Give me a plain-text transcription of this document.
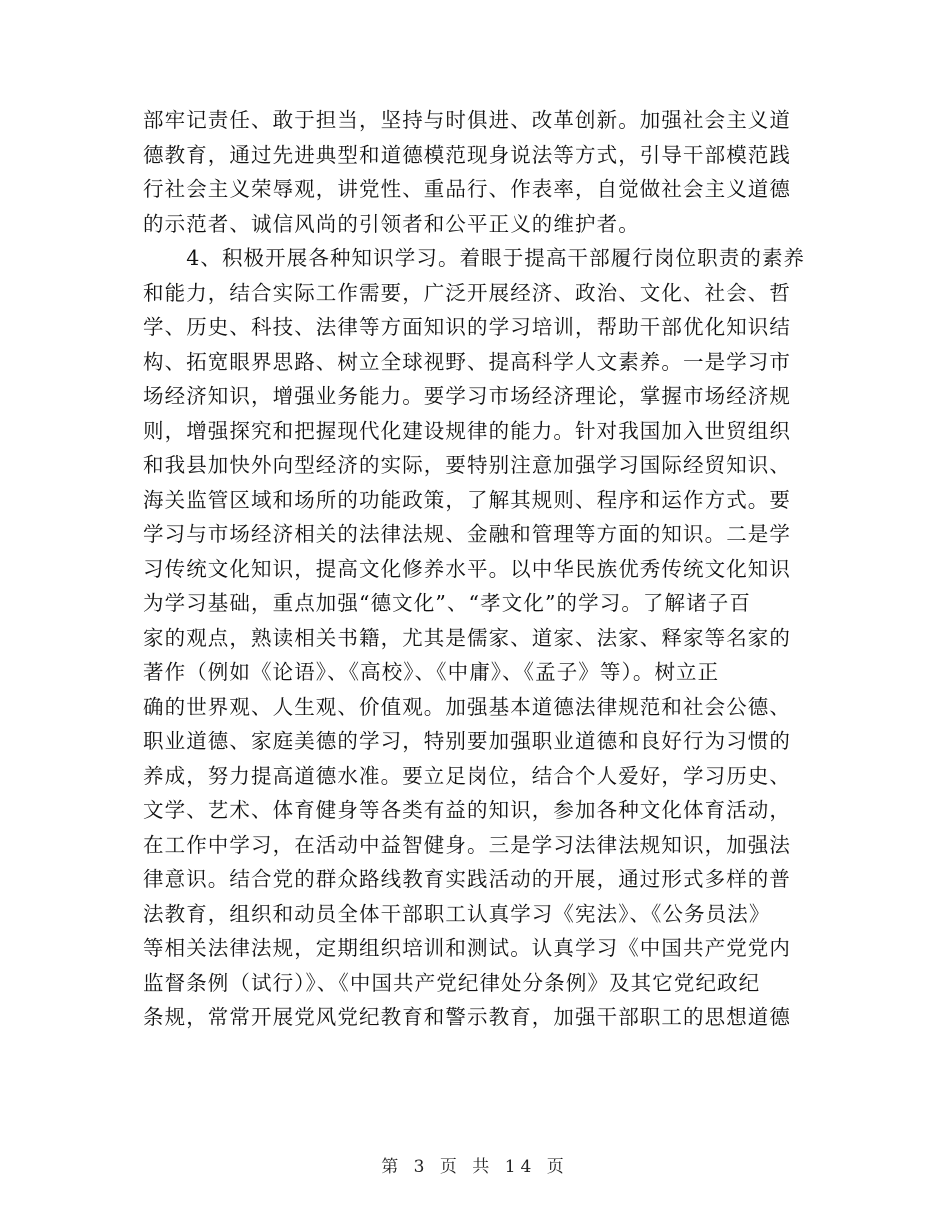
部牢记责任、敢于担当，坚持与时俱进、改革创新。加强社会主义道
德教育，通过先进典型和道德模范现身说法等方式，引导干部模范践
行社会主义荣辱观，讲党性、重品行、作表率，自觉做社会主义道德
的示范者、诚信风尚的引领者和公平正义的维护者。
　　4、积极开展各种知识学习。着眼于提高干部履行岗位职责的素养
和能力，结合实际工作需要，广泛开展经济、政治、文化、社会、哲
学、历史、科技、法律等方面知识的学习培训，帮助干部优化知识结
构、拓宽眼界思路、树立全球视野、提高科学人文素养。一是学习市
场经济知识，增强业务能力。要学习市场经济理论，掌握市场经济规
则，增强探究和把握现代化建设规律的能力。针对我国加入世贸组织
和我县加快外向型经济的实际，要特别注意加强学习国际经贸知识、
海关监管区域和场所的功能政策，了解其规则、程序和运作方式。要
学习与市场经济相关的法律法规、金融和管理等方面的知识。二是学
习传统文化知识，提高文化修养水平。以中华民族优秀传统文化知识
为学习基础，重点加强“德文化”、“孝文化”的学习。了解诸子百
家的观点，熟读相关书籍，尤其是儒家、道家、法家、释家等名家的
著作（例如《论语》、《高校》、《中庸》、《孟子》等）。树立正
确的世界观、人生观、价值观。加强基本道德法律规范和社会公德、
职业道德、家庭美德的学习，特别要加强职业道德和良好行为习惯的
养成，努力提高道德水准。要立足岗位，结合个人爱好，学习历史、
文学、艺术、体育健身等各类有益的知识，参加各种文化体育活动，
在工作中学习，在活动中益智健身。三是学习法律法规知识，加强法
律意识。结合党的群众路线教育实践活动的开展，通过形式多样的普
法教育，组织和动员全体干部职工认真学习《宪法》、《公务员法》
等相关法律法规，定期组织培训和测试。认真学习《中国共产党党内
监督条例（试行）》、《中国共产党纪律处分条例》及其它党纪政纪
条规，常常开展党风党纪教育和警示教育，加强干部职工的思想道德
第 3 页 共 14 页
